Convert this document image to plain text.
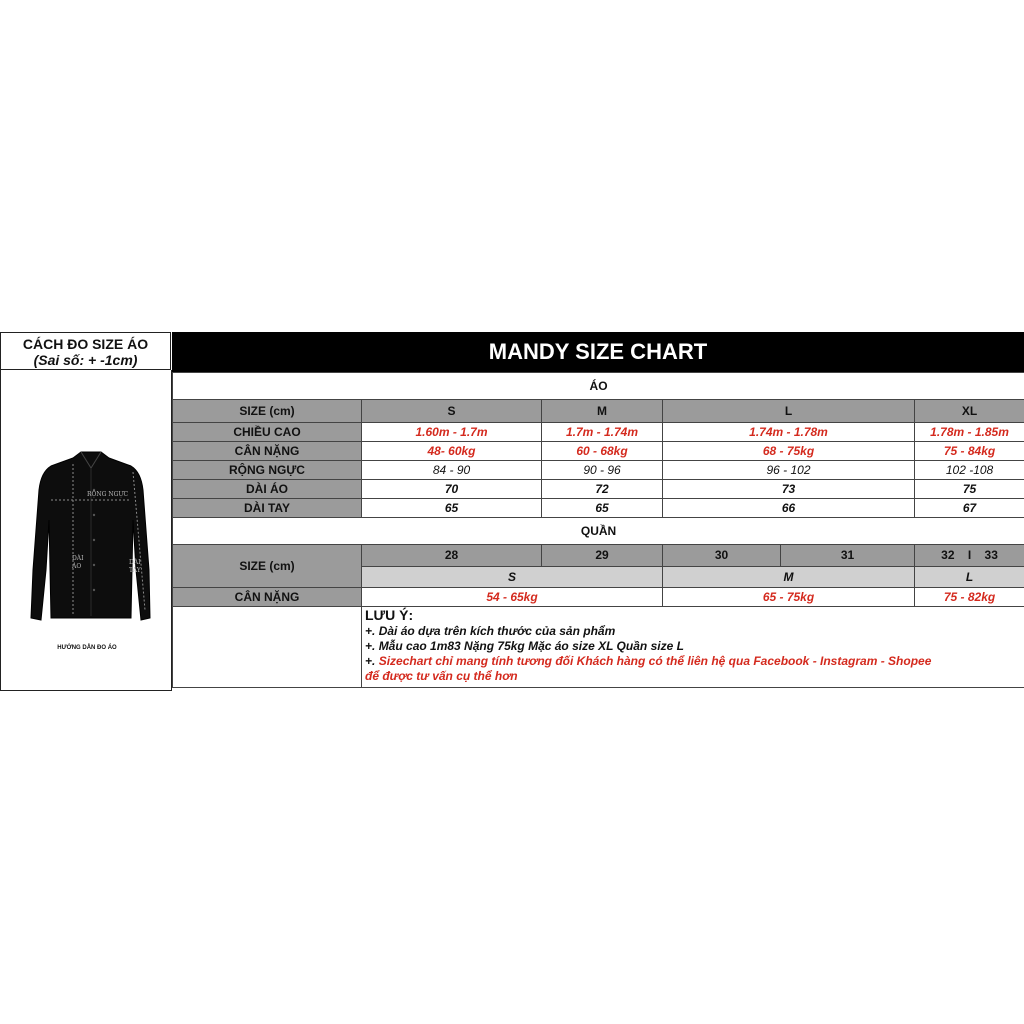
CÁCH ĐO SIZE ÁO
(Sai số: + -1cm)
RỘNG NGỰC
DÀI
ÁO
DÀI
TAY
HƯỚNG DẪN ĐO ÁO
MANDY SIZE CHART
ÁO					
SIZE (cm)	S	M	L		XL
CHIỀU CAO	1.60m - 1.7m	1.7m - 1.74m	1.74m - 1.78m		1.78m - 1.85m
CÂN NẶNG	48- 60kg	60 - 68kg	68 - 75kg		75 - 84kg
RỘNG NGỰC	84 - 90	90 - 96	96 - 102		102 -108
DÀI ÁO	70	72	73		75
DÀI TAY	65	65	66		67
QUẦN					
SIZE (cm)	28	29	30	31	32 I 33
	S		M		L
CÂN NẶNG	54 - 65kg		65 - 75kg		75 - 82kg

	LƯU Ý:
+. Dài áo dựa trên kích thước của sản phẩm
+. Mẫu cao 1m83 Nặng 75kg Mặc áo size XL Quần size L
+. Sizechart chỉ mang tính tương đối Khách hàng có thể liên hệ qua Facebook - Instagram - Shopee
để được tư vấn cụ thể hơn				
